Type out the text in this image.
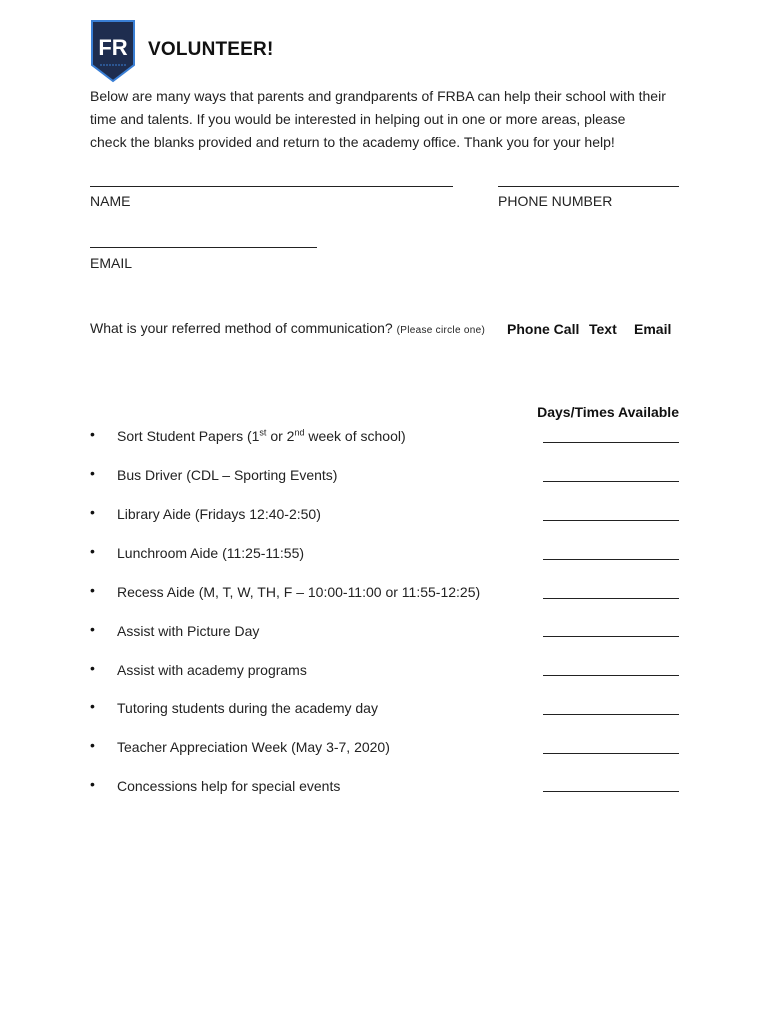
FR VOLUNTEER!
Below are many ways that parents and grandparents of FRBA can help their school with their
time and talents. If you would be interested in helping out in one or more areas, please
check the blanks provided and return to the academy office. Thank you for your help!
NAME	PHONE NUMBER
EMAIL
What is your referred method of communication? (Please circle one) Phone Call Text Email
Days/Times Available
• Sort Student Papers (1st or 2nd week of school)
• Bus Driver (CDL – Sporting Events)
• Library Aide (Fridays 12:40-2:50)
• Lunchroom Aide (11:25-11:55)
• Recess Aide (M, T, W, TH, F – 10:00-11:00 or 11:55-12:25)
• Assist with Picture Day
• Assist with academy programs
• Tutoring students during the academy day
• Teacher Appreciation Week (May 3-7, 2020)
• Concessions help for special events
